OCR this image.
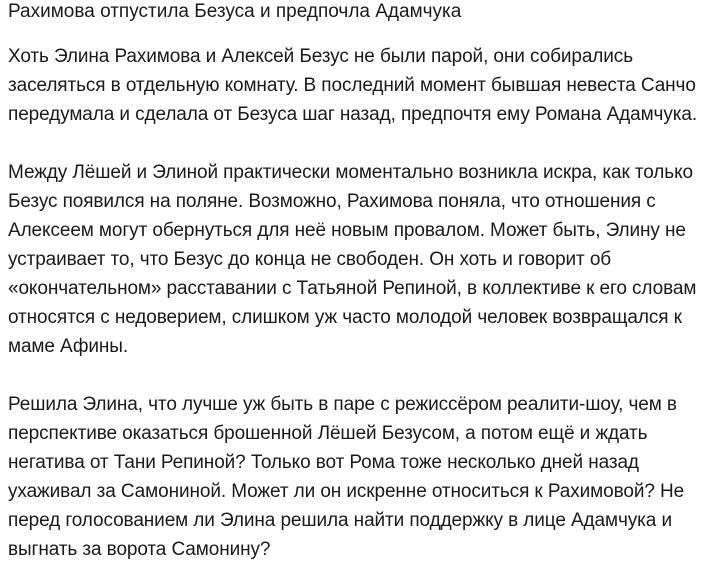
Рахимова отпустила Безуса и предпочла Адамчука

Хоть Элина Рахимова и Алексей Безус не были парой, они собирались заселяться в отдельную комнату. В последний момент бывшая невеста Санчо передумала и сделала от Безуса шаг назад, предпочтя ему Романа Адамчука.

Между Лёшей и Элиной практически моментально возникла искра, как только Безус появился на поляне. Возможно, Рахимова поняла, что отношения с Алексеем могут обернуться для неё новым провалом. Может быть, Элину не устраивает то, что Безус до конца не свободен. Он хоть и говорит об «окончательном» расставании с Татьяной Репиной, в коллективе к его словам относятся с недоверием, слишком уж часто молодой человек возвращался к маме Афины.

Решила Элина, что лучше уж быть в паре с режиссёром реалити-шоу, чем в перспективе оказаться брошенной Лёшей Безусом, а потом ещё и ждать негатива от Тани Репиной? Только вот Рома тоже несколько дней назад ухаживал за Самониной. Может ли он искренне относиться к Рахимовой? Не перед голосованием ли Элина решила найти поддержку в лице Адамчука и выгнать за ворота Самонину?
